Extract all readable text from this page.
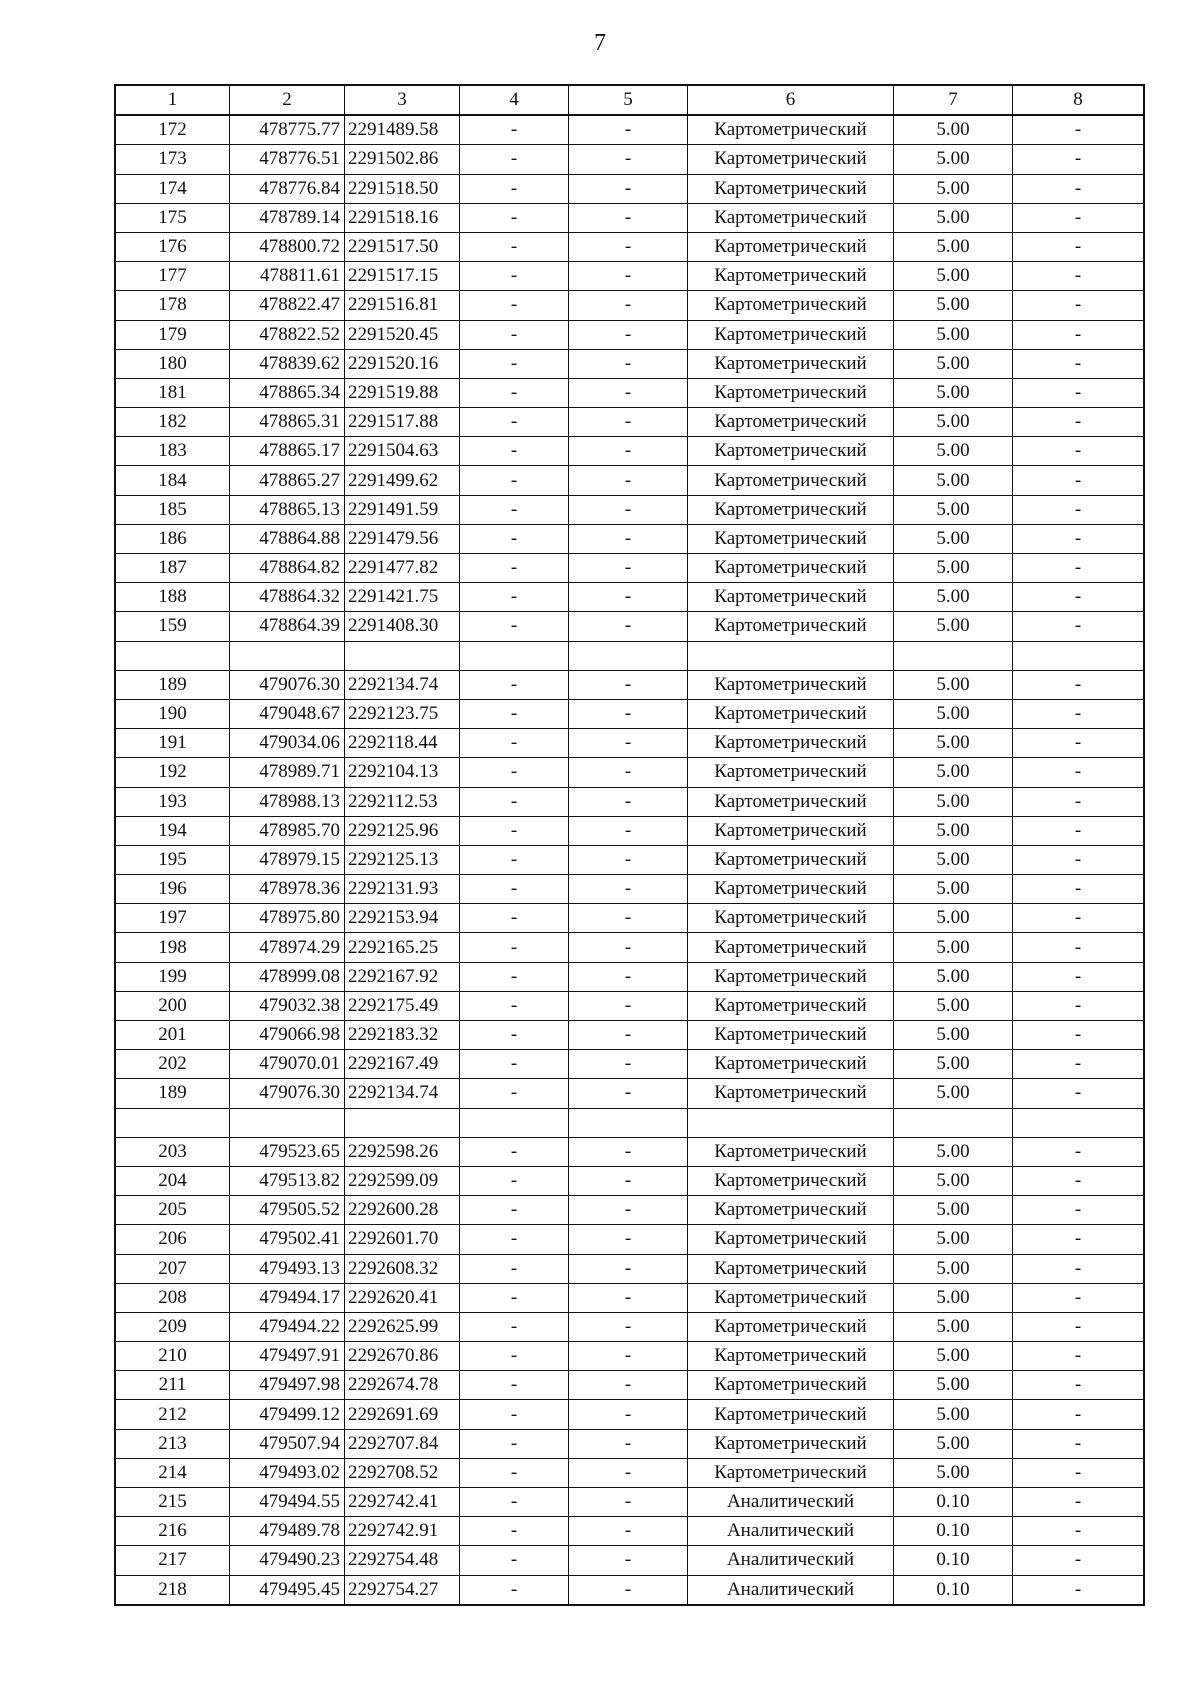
7
1	2	3	4	5	6	7	8
172	478775.77	2291489.58	-	-	Картометрический	5.00	-
173	478776.51	2291502.86	-	-	Картометрический	5.00	-
174	478776.84	2291518.50	-	-	Картометрический	5.00	-
175	478789.14	2291518.16	-	-	Картометрический	5.00	-
176	478800.72	2291517.50	-	-	Картометрический	5.00	-
177	478811.61	2291517.15	-	-	Картометрический	5.00	-
178	478822.47	2291516.81	-	-	Картометрический	5.00	-
179	478822.52	2291520.45	-	-	Картометрический	5.00	-
180	478839.62	2291520.16	-	-	Картометрический	5.00	-
181	478865.34	2291519.88	-	-	Картометрический	5.00	-
182	478865.31	2291517.88	-	-	Картометрический	5.00	-
183	478865.17	2291504.63	-	-	Картометрический	5.00	-
184	478865.27	2291499.62	-	-	Картометрический	5.00	-
185	478865.13	2291491.59	-	-	Картометрический	5.00	-
186	478864.88	2291479.56	-	-	Картометрический	5.00	-
187	478864.82	2291477.82	-	-	Картометрический	5.00	-
188	478864.32	2291421.75	-	-	Картометрический	5.00	-
159	478864.39	2291408.30	-	-	Картометрический	5.00	-

189	479076.30	2292134.74	-	-	Картометрический	5.00	-
190	479048.67	2292123.75	-	-	Картометрический	5.00	-
191	479034.06	2292118.44	-	-	Картометрический	5.00	-
192	478989.71	2292104.13	-	-	Картометрический	5.00	-
193	478988.13	2292112.53	-	-	Картометрический	5.00	-
194	478985.70	2292125.96	-	-	Картометрический	5.00	-
195	478979.15	2292125.13	-	-	Картометрический	5.00	-
196	478978.36	2292131.93	-	-	Картометрический	5.00	-
197	478975.80	2292153.94	-	-	Картометрический	5.00	-
198	478974.29	2292165.25	-	-	Картометрический	5.00	-
199	478999.08	2292167.92	-	-	Картометрический	5.00	-
200	479032.38	2292175.49	-	-	Картометрический	5.00	-
201	479066.98	2292183.32	-	-	Картометрический	5.00	-
202	479070.01	2292167.49	-	-	Картометрический	5.00	-
189	479076.30	2292134.74	-	-	Картометрический	5.00	-

203	479523.65	2292598.26	-	-	Картометрический	5.00	-
204	479513.82	2292599.09	-	-	Картометрический	5.00	-
205	479505.52	2292600.28	-	-	Картометрический	5.00	-
206	479502.41	2292601.70	-	-	Картометрический	5.00	-
207	479493.13	2292608.32	-	-	Картометрический	5.00	-
208	479494.17	2292620.41	-	-	Картометрический	5.00	-
209	479494.22	2292625.99	-	-	Картометрический	5.00	-
210	479497.91	2292670.86	-	-	Картометрический	5.00	-
211	479497.98	2292674.78	-	-	Картометрический	5.00	-
212	479499.12	2292691.69	-	-	Картометрический	5.00	-
213	479507.94	2292707.84	-	-	Картометрический	5.00	-
214	479493.02	2292708.52	-	-	Картометрический	5.00	-
215	479494.55	2292742.41	-	-	Аналитический	0.10	-
216	479489.78	2292742.91	-	-	Аналитический	0.10	-
217	479490.23	2292754.48	-	-	Аналитический	0.10	-
218	479495.45	2292754.27	-	-	Аналитический	0.10	-
